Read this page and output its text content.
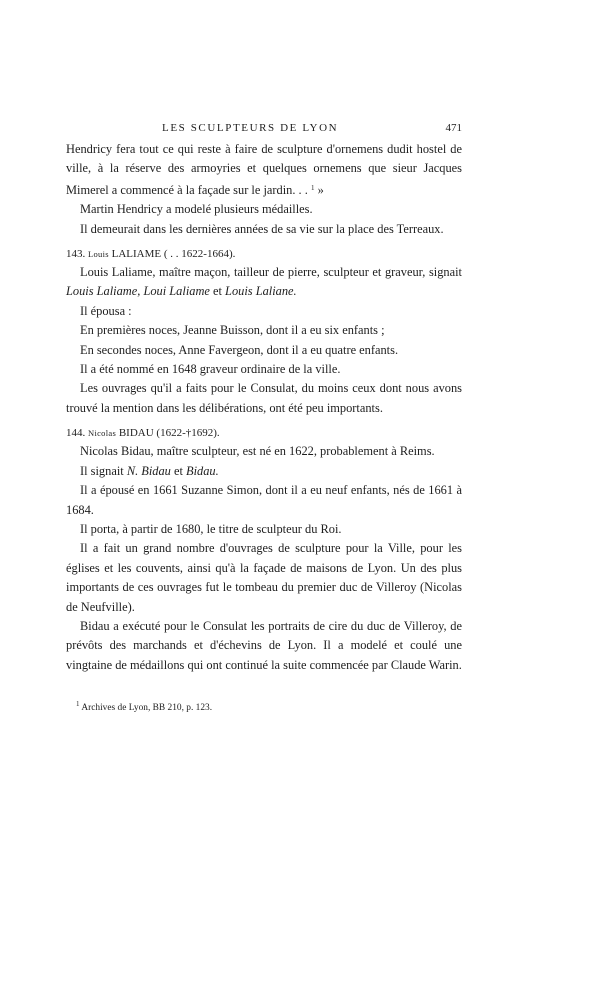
LES SCULPTEURS DE LYON	471

Hendricy fera tout ce qui reste à faire de sculpture d'ornemens dudit hostel de ville, à la réserve des armoyries et quelques ornemens que sieur Jacques Mimerel a commencé à la façade sur le jardin. . . $^1$ »

Martin Hendricy a modelé plusieurs médailles.

Il demeurait dans les dernières années de sa vie sur la place des Terreaux.

143. Louis LALIAME ( . . 1622-1664).

Louis Laliame, maître maçon, tailleur de pierre, sculpteur et graveur, signait Louis Laliame, Loui Laliame et Louis Laliane.

Il épousa :

En premières noces, Jeanne Buisson, dont il a eu six enfants ;

En secondes noces, Anne Favergeon, dont il a eu quatre enfants.

Il a été nommé en 1648 graveur ordinaire de la ville.

Les ouvrages qu'il a faits pour le Consulat, du moins ceux dont nous avons trouvé la mention dans les délibérations, ont été peu importants.

144. Nicolas BIDAU (1622-†1692).

Nicolas Bidau, maître sculpteur, est né en 1622, probablement à Reims.

Il signait N. Bidau et Bidau.

Il a épousé en 1661 Suzanne Simon, dont il a eu neuf enfants, nés de 1661 à 1684.

Il porta, à partir de 1680, le titre de sculpteur du Roi.

Il a fait un grand nombre d'ouvrages de sculpture pour la Ville, pour les églises et les couvents, ainsi qu'à la façade de maisons de Lyon. Un des plus importants de ces ouvrages fut le tombeau du premier duc de Villeroy (Nicolas de Neufville).

Bidau a exécuté pour le Consulat les portraits de cire du duc de Villeroy, de prévôts des marchands et d'échevins de Lyon. Il a modelé et coulé une vingtaine de médaillons qui ont continué la suite commencée par Claude Warin.

$^1$ Archives de Lyon, BB 210, p. 123.
